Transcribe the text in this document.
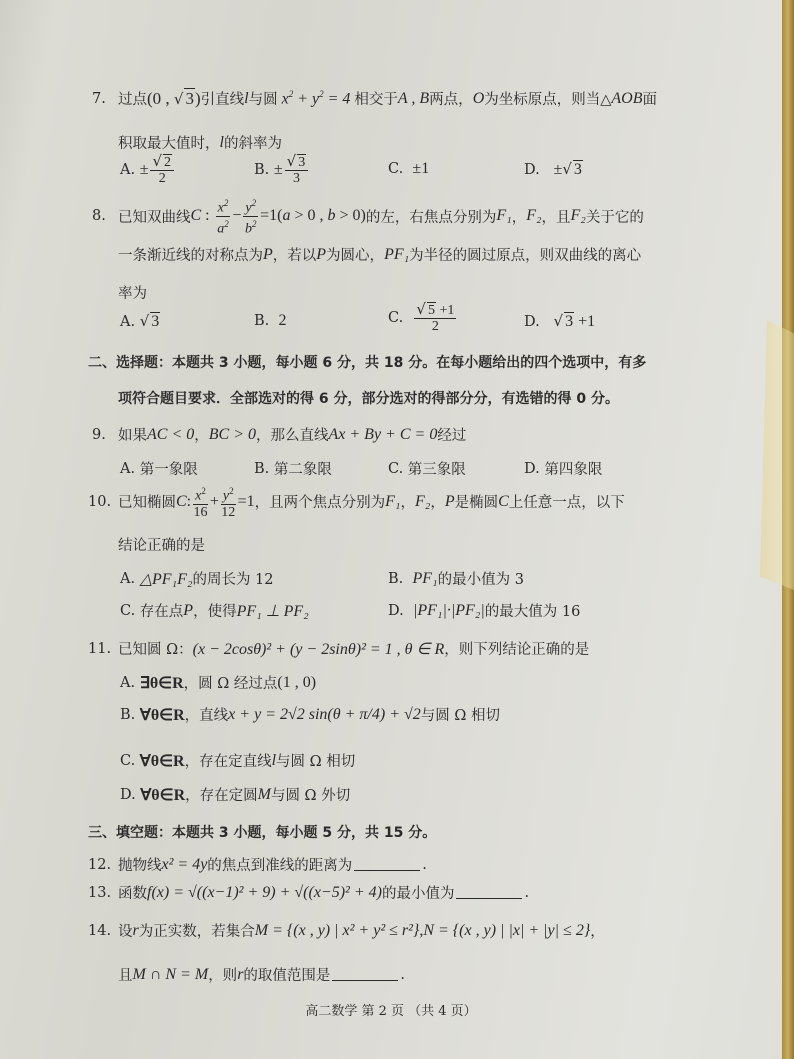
7. 过点 (0 , √ 3) 引直线 l 与圆 $x^2 + y^2 = 4$ 相交于 A , B 两点， O 为坐标原点，则当△ AOB 面
积取最大值时， l 的斜率为
A.
± $\frac{√ 2}{2}$	B.
± $\frac{√ 3}{3}$	C.
±1	D.
±√ 3
8. 已知双曲线 C : $\frac{x^2}{a^2} - \frac{y^2}{b^2} =1(a > 0$ , b > 0) 的左，右焦点分别为 F₁ ， F₂ ，且 F₂ 关于它的
一条渐近线的对称点为 P ，若以 P 为圆心， PF₁ 为半径的圆过原点，则双曲线的离心
率为
A.
√ 3	B.
2	C.
$\frac{√ 5 +1}{2}$	D.
√ 3 +1
二、选择题：本题共 3 小题，每小题 6 分，共 18 分。在每小题给出的四个选项中，有多
项符合题目要求．全部选对的得 6 分，部分选对的得部分分，有选错的得 0 分。
9. 如果 AC < 0 ， BC > 0 ，那么直线 Ax + By + C = 0 经过
A.
第一象限	B.
第二象限	C.
第三象限	D.
第四象限
10. 已知椭圆 C : $\frac{x^2}{16} + \frac{y^2}{12} =1$ ，且两个焦点分别为 F₁ ， F₂ ， P 是椭圆 C 上任意一点，以下
结论正确的是
A.
△PF₁F₂ 的周长为 12	B.
PF₁ 的最小值为 3
C.
存在点 P ，使得 PF₁ ⊥ PF₂	D.
|PF₁|·|PF₂| 的最大值为 16
11. 已知圆 Ω： (x − 2cosθ)² + (y − 2sinθ)² = 1 , θ ∈ R ，则下列结论正确的是
A.
∃θ∈R ，圆 Ω 经过点 (1 , 0)
B.
∀θ∈R ，直线 x + y = 2√2 sin(θ + π/4) + √2 与圆 Ω 相切
C.
∀θ∈R ，存在定直线 l 与圆 Ω 相切
D.
∀θ∈R ，存在定圆 M 与圆 Ω 外切
三、填空题：本题共 3 小题，每小题 5 分，共 15 分。
12. 抛物线 x² = 4y 的焦点到准线的距离为	.
13. 函数 f(x) = √((x−1)² + 9) + √((x−5)² + 4) 的最小值为	.
14. 设 r 为正实数，若集合 M = {(x , y) | x² + y² ≤ r²} , N = {(x , y) | |x| + |y| ≤ 2} ，
且 M ∩ N = M ，则 r 的取值范围是	.
高二数学 第 2 页 （共 4 页）
